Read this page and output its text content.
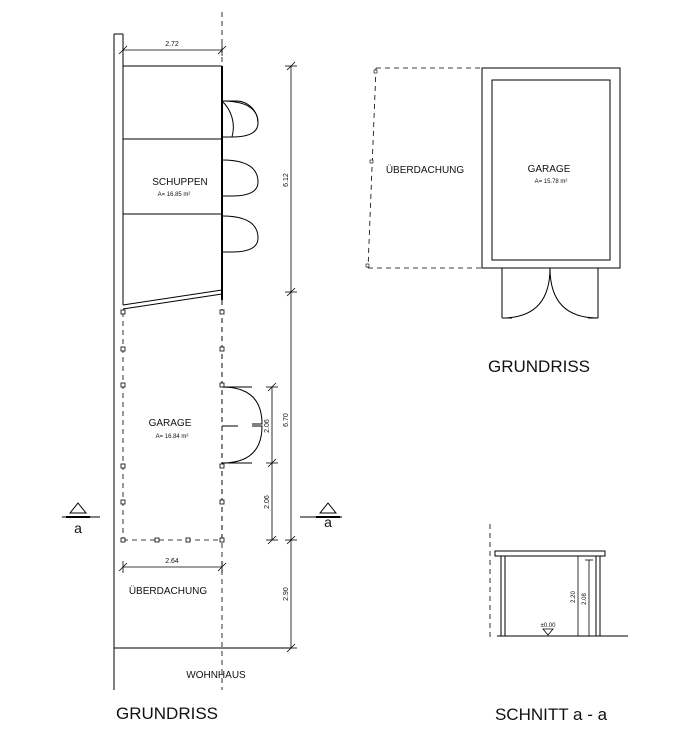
SCHUPPEN
A= 16.85 m²
GARAGE
A= 16.84 m²
ÜBERDACHUNG
WOHNHAUS
2.72
6.12
6.70
2.90
2.06
2.06
2.64
a	a
GRUNDRISS
ÜBERDACHUNG	GARAGE
A= 15.78 m²
GRUNDRISS
±0.00
2.20 2.08
SCHNITT a - a
